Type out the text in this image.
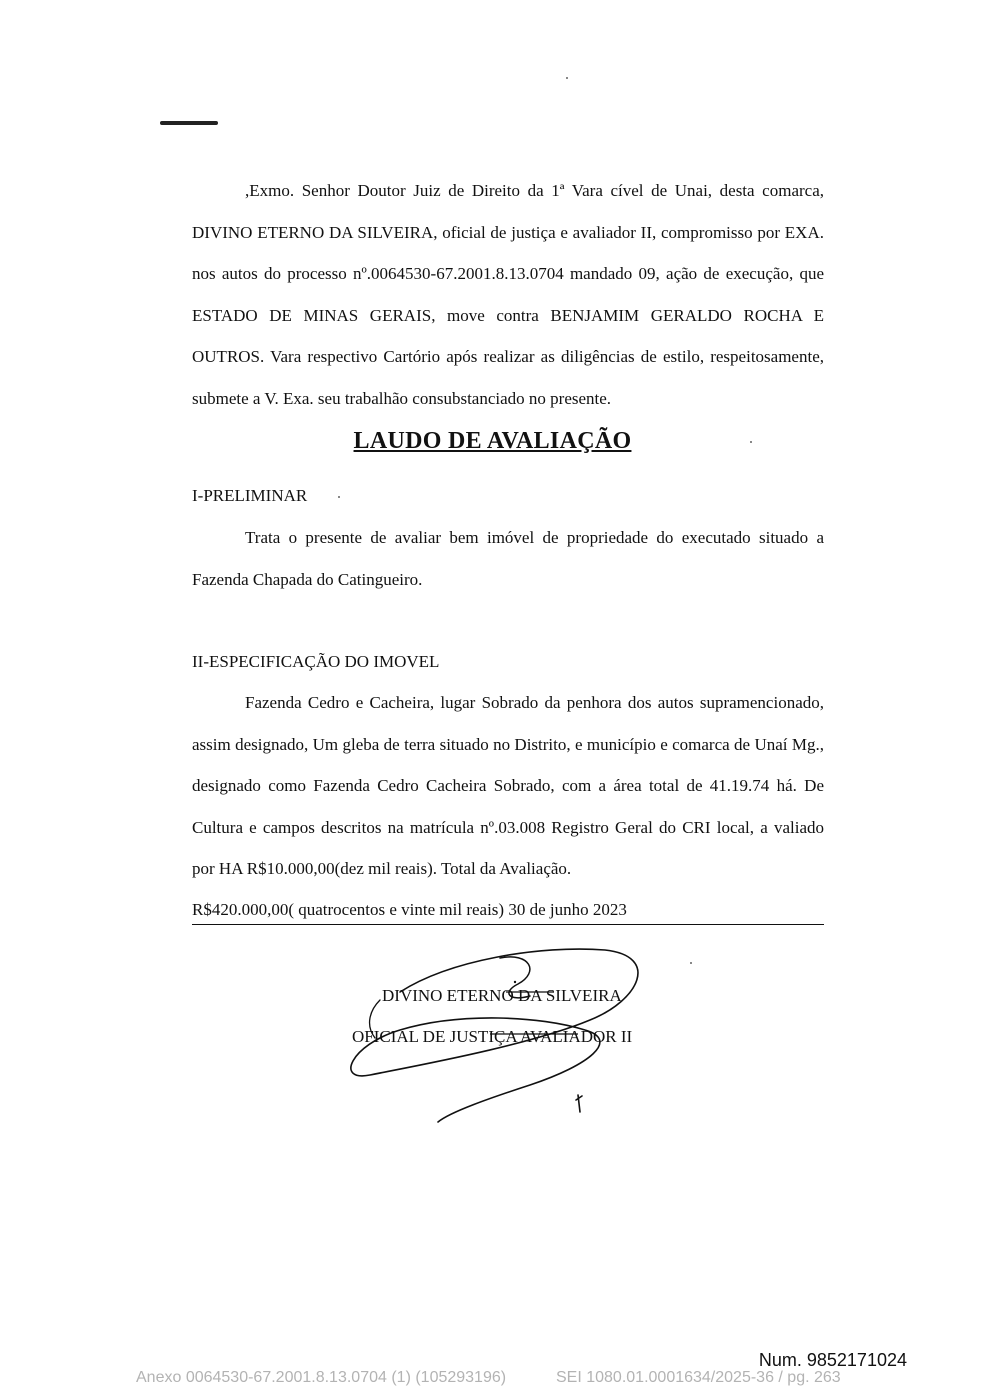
,Exmo. Senhor Doutor Juiz de Direito da 1ª Vara cível de Unai, desta comarca, DIVINO ETERNO DA SILVEIRA, oficial de justiça e avaliador II, compromisso por EXA. nos autos do processo nº.0064530-67.2001.8.13.0704 mandado 09, ação de execução, que ESTADO DE MINAS GERAIS, move contra BENJAMIM GERALDO ROCHA E OUTROS. Vara respectivo Cartório após realizar as diligências de estilo, respeitosamente, submete a V. Exa. seu trabalhão consubstanciado no presente.

LAUDO DE AVALIAÇÃO
I-PRELIMINAR

Trata o presente de avaliar bem imóvel de propriedade do executado situado a Fazenda Chapada do Catingueiro.

II-ESPECIFICAÇÃO DO IMOVEL

Fazenda Cedro e Cacheira, lugar Sobrado da penhora dos autos supramencionado, assim designado, Um gleba de terra situado no Distrito, e município e comarca de Unaí Mg., designado como Fazenda Cedro Cacheira Sobrado, com a área total de 41.19.74 há. De Cultura e campos descritos na matrícula nº.03.008 Registro Geral do CRI local, a valiado por HA R$10.000,00(dez mil reais). Total da Avaliação.

R$420.000,00( quatrocentos e vinte mil reais) 30 de junho 2023
DIVINO ETERNO DA SILVEIRA
OFICIAL DE JUSTIÇA AVALIADOR II
Num. 9852171024
Anexo 0064530-67.2001.8.13.0704 (1) (105293196)	SEI 1080.01.0001634/2025-36 / pg. 263
